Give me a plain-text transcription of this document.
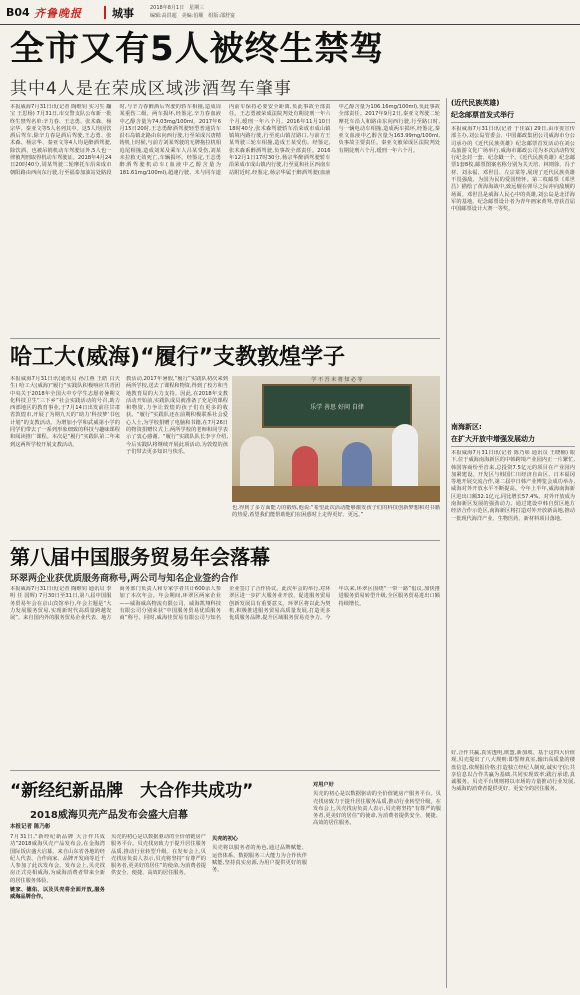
B04 齐鲁晚报	城事	2018年8月1日　星期三
编辑:高洪超　美编:伯顺　组版:邵舒宴
全市又有5人被终生禁驾
其中4人是在荣成区域涉酒驾车肇事
本报威海7月31日讯(记者 陶维钊 实习生 黼宝 王思杨) 7月31日,市交警支队公布新一批终生禁驾名单:辛力春、王志勇、张术森、杨宗华、秦亚文等5人名列其中。这5人均因饮酒后驾车,除辛力春是酒后驾驶,王志勇、张术森、杨宗华、秦亚文等4人均是醉酒驾驶,除饮酒、也被吊销机动车驾驶证外,5人也一律被判刑取得机动车驾驶证。2018年4月24日20时40分,周某驾驶二轮摩托车沿荣成市朝阳路由西向东行驶,行至福泰加油站处路段时,与辛力春醉酒后驾驶的轿车相撞,造成周某重伤二级、两车损坏,经鉴定,辛力春血液中乙醇含量为74.03mg/100ml。2017年6月15日20时,王志勇醉酒驾驶轻型普通货车沿石岛镇北路由东向西行驶,行至荣成兴唐精铸机上时候,与前方刘某驾驶的无牌拖拉机相追尾相撞,造成刘某及乘车人吕某受伤,刘某未拉救无效死亡,车辆损坏。经鉴定,王志勇醉酒驾驶机动车(血液中乙醇含量为181.61mg/100ml),超速行驶、未与同车道内前车保持必要安全距离,负此事故全部责任。王志勇被荣成法院判处有期徒刑一年六个月,缓刑一年六个月。2016年11月10日18时40分,张术森驾驶轿车沿荣成市成山镇镇境内路行驶,行至虎山镇岔路口,与前方王某驾驶三轮车相撞,造成王某受伤。经鉴定,张术森系醉酒驾驶,负事故全部责任。2016年12月1日17时30分,杨宗华醉酒驾驶轿车沿荣成市成山镇内行驶,行至夏和社区西南车站附近时,经鉴定,杨宗华属于醉酒驾驶(血液中乙醇含量为106.16mg/100ml),负此事故全部责任。2017年9月2日,秦亚文驾驶二轮摩托车沿人和路由东向西行驶,行至路口时,与一辆电动车相撞,造成两车损坏,经鉴定,秦亚文血液中乙醇含量为163.99mg/100ml,负事故主要责任。秦亚文被荣成区法院判处有期徒刑六个月,缓刑一年六个月。
(近代民族英雄)
纪念邮票首发式举行
本报威海7月31日讯(记者 于佳霖) 29日,由市委宣传部主办,刘公岛管委会、中国邮政集团公司威海市分公司承办的《近代民族英雄》纪念邮票首发活动在刘公岛旅游文化广场举行,威海市邮政公司为本次活动特发行纪念封一套、纪念戳一个。《近代民族英雄》纪念邮票1套8枚,邮票图案名称分别为关天培、林则徐、冯子材、刘永福、邓世昌、左宗棠等,展现了近代民族英雄不畏强敌、为国为民的爱国情怀。第二枚邮票《邓世昌》描绘了黄海海战中,致远舰在弹尽之际冲向敌舰的场面。邓世昌是威海人民心中的英雄,刘公岛是北洋海军的基地。纪念邮票设计者为青年画家黄驽,曾获首届中国邮票设计大赛一等奖。
南海新区:
在扩大开放中增强发展动力
本报威海7月31日讯(记者 陈乃彰 通讯员 王晓楠) 眼下,位于威海南海新区的中韩跨境产业园内正一片繁忙,韩国客商纷至沓来,总投资7.5亿元的项目在产业园内加紧建设。开发区与韩国仁川经济自由区、日本福冈等地开展交流合作,第二届中日韩产业博览会成功举办,威海对外开放水平不断提高。今年上半年,威海南海新区进出口额32.1亿元,同比增长57.4%。对外开放成为南海新区发展的强劲动力。通过建设中韩自贸区地方经济合作示范区,南海新区将打造对外开放新高地,推动一批现代海洋产业、生物医药、新材料项目落地。
好,合作共赢,真实透明,欧盟,新加坡。基于这四大价值观,贝壳提出了八大规则:即誓辩真实,输出高质量的楼盘信息,依规报价格;打造独立经纪人制度,诚实守信;共享信息以合作共赢为基础,共同实现效率;践行承诺,真诚服务。贝壳平台规则将以市场的力量推动行业发展,为威海的消费者提供更好、更安全的居住服务。
哈工大(威海)“履行”支教敦煌学子
本报威海7月31日讯(通讯员 孙江燕 王皓 白天生) 哈工大(威海)“履行”实践队积极响应共青团中央关于2018年全国大中专学生志愿者暑期文化科技卫生“三下乡”社会实践活动的号召,助力西部地区的教育事业,于7月14日出发前往甘肃省敦煌市,开展了为期九天的“助力‘科技梦’书包计划”的支教活动。为增加小学和武威第小学的同学们带去了一系列形象细致的科技与趣味课程和阅读推广课程。本次是“履行”实践队第二年来到这两所学校开展支教活动。
教活动,2017年暑假,“履行”实践队初次来到两所学校,送去了课程和物资,得到了校方和当地教育局的大力支持。因此,在2018年支教活动开始前,实践队成员就准备了充足的课程和物资,力争让敦煌的孩子们有更多的收获。“履行”实践队还在前期积极联系社会爱心人士,为学校捐赠了电脑和书籍,在7月26日的物资捐赠仪式上,两所学校的老师和同学表示了衷心感谢。“履行”实践队队长李宇介绍,今后实践队将继续开展此项活动,为敦煌的孩子们带去更多知识与快乐。
乐学 善思 好问 自律
学 不 吾 未 将 知 必 等
也,得到了多方面能力的锻炼,他说:“希望此次活动能够激发孩子们的科技创新梦想和对书籍的热爱,希望我们能帮助他们在困惑时上走得更好、更远。”
第八届中国服务贸易年会落幕
环翠两企业获优质服务商称号,两公司与知名企业签约合作
本报威海7月31日讯(记者 陶维钊 通讯员 李明 任 国辉) 7月30日至31日,第八届中国服务贸易年会在京山宾馆举行,年会主题是“大力发展服务贸易,实现新时代高质量跨越发展”。来自国内外的服务贸易企业代表、地方商务部门负责人和专家学者共计600余人参加了本次年会。年会期间,环翠区两家企业——威海威高物流有限公司、威海凯翔科技有限公司分别荣获“中国服务贸易优质服务商”称号。同时,威海佳贸易有限公司与知名企业签订了合作协议。此次年会的举行,对环翠区进一步扩大服务业开放、促进服务贸易创新发展具有重要意义。环翠区将以此为契机,积极推进服务贸易高质量发展,打造更多优质服务品牌,提升区域服务贸易竞争力。今年以来,环翠区围绕“一带一路”倡议,加快推进服务贸易转型升级,全区服务贸易进出口额持续增长。
“新经纪新品牌　大合作共成功”
2018威海贝壳产品发布会盛大启幕
本报记者 陈乃彰
7月31日,“新经纪新品牌 大合作共成功”2018威海贝壳产品发布会,在金海湾国际饭店盛大启幕。来自山东省各地的经纪人代表、合作商家、品牌开发商等近千人参加了此次发布会。发布会上,贝壳找房正式亮相威海,为威海消费者带来全新的居住服务体验。
链家、德佑、以及贝壳将全面开放,服务威海品牌合作。
贝壳的初心是以数据驱动的全价值链房产服务平台。贝壳找房致力于提升居住服务品质,推动行业转型升级。在发布会上,贝壳找房负责人表示,贝壳将坚持“有尊严的服务者,更美好的居住”的使命,为消费者提供安全、便捷、高效的居住服务。
贝壳的初心
贝壳将以服务者的角色,通过品牌赋能、运营体系、数据服务三大能力为合作伙伴赋能,坚持真实房源,为用户提供更好的服务。
对用户好
贝壳的初心是以数据驱动的全价值链房产服务平台。贝壳找房致力于提升居住服务品质,推动行业转型升级。在发布会上,贝壳找房负责人表示,贝壳将坚持“有尊严的服务者,更美好的居住”的使命,为消费者提供安全、便捷、高效的居住服务。
